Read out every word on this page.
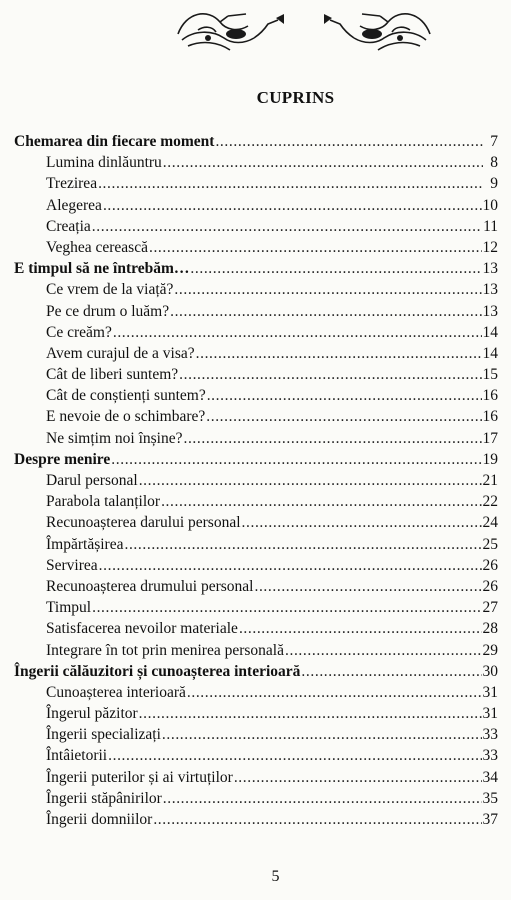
CUPRINS
Chemarea din fiecare moment .....	7
Lumina dinlăuntru .....	8
Trezirea .....	9
Alegerea .....	10
Creația .....	11
Veghea cerească .....	12
E timpul să ne întrebăm… .....	13
Ce vrem de la viață? .....	13
Pe ce drum o luăm? .....	13
Ce creăm? .....	14
Avem curajul de a visa? .....	14
Cât de liberi suntem? .....	15
Cât de conștienți suntem? .....	16
E nevoie de o schimbare? .....	16
Ne simțim noi înșine? .....	17
Despre menire .....	19
Darul personal .....	21
Parabola talanților .....	22
Recunoașterea darului personal .....	24
Împărtășirea .....	25
Servirea .....	26
Recunoașterea drumului personal .....	26
Timpul .....	27
Satisfacerea nevoilor materiale .....	28
Integrare în tot prin menirea personală .....	29
Îngerii călăuzitori și cunoașterea interioară .....	30
Cunoașterea interioară .....	31
Îngerul păzitor .....	31
Îngerii specializați .....	33
Întâietorii .....	33
Îngerii puterilor și ai virtuților .....	34
Îngerii stăpânirilor .....	35
Îngerii domniilor .....	37
5
